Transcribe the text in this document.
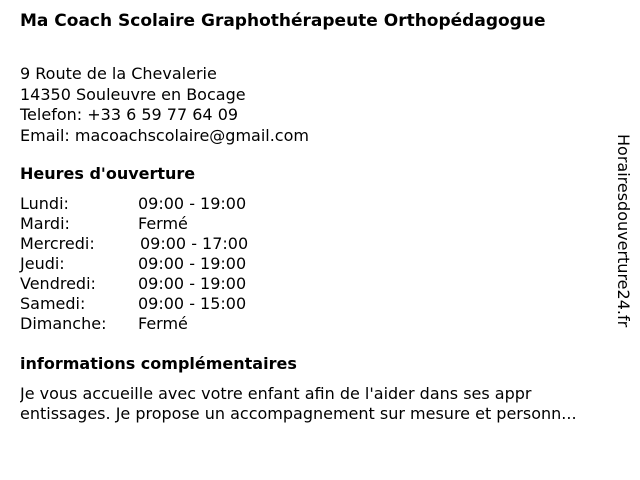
Ma Coach Scolaire Graphothérapeute Orthopédagogue
9 Route de la Chevalerie
14350 Souleuvre en Bocage
Telefon: +33 6 59 77 64 09
Email: macoachscolaire@gmail.com
Heures d'ouverture
Lundi:	09:00 - 19:00
Mardi:	Fermé
Mercredi:	09:00 - 17:00
Jeudi:	09:00 - 19:00
Vendredi:	09:00 - 19:00
Samedi:	09:00 - 15:00
Dimanche: Fermé
informations complémentaires
Je vous accueille avec votre enfant afin de l'aider dans ses appr
entissages. Je propose un accompagnement sur mesure et personn...
Horairesdouverture24.fr
